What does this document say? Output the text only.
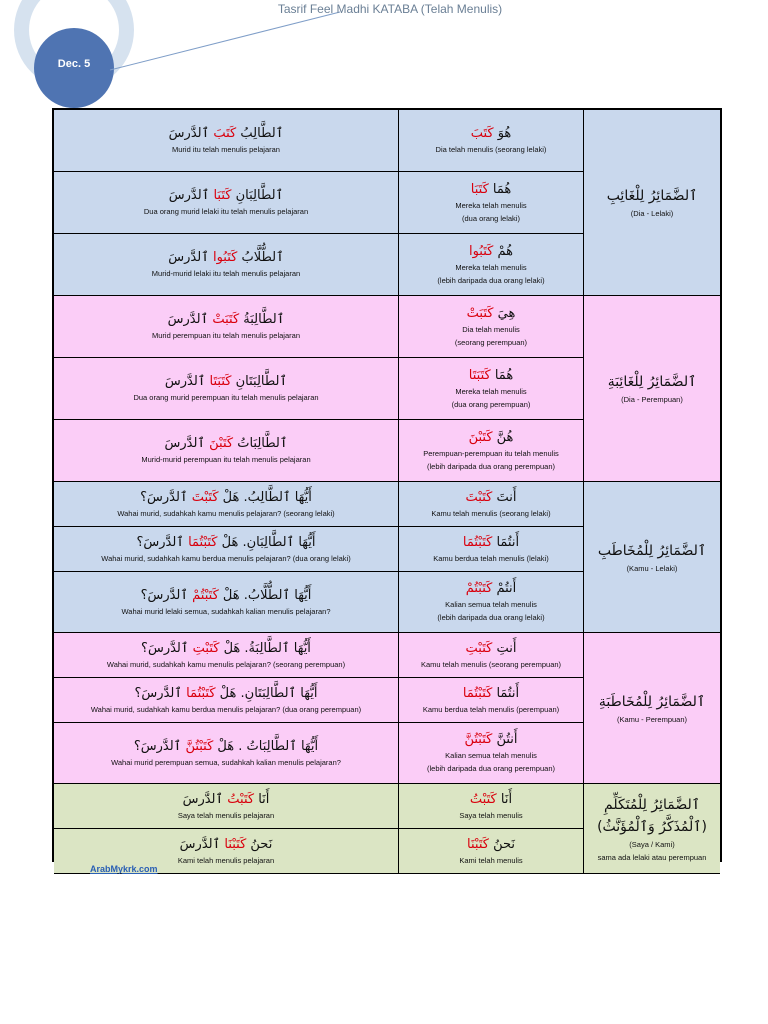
Dec. 5
Tasrif Feel Madhi KATABA (Telah Menulis)
ٱلطَّالِبُ كَتَبَ ٱلدَّرسَ
Murid itu telah menulis pelajaran
هُوَ كَتَبَ
Dia telah menulis (seorang lelaki)
ٱلطَّالِبَانِ كَتَبَا ٱلدَّرسَ
Dua orang murid lelaki itu telah menulis pelajaran
هُمَا كَتَبَا
Mereka telah menulis
(dua orang lelaki)
ٱلطُّلَّابُ كَتَبُوا ٱلدَّرسَ
Murid-murid lelaki itu telah menulis pelajaran
هُمْ كَتَبُوا
Mereka telah menulis
(lebih daripada dua orang lelaki)
ٱلطَّالِبَةُ كَتَبَتْ ٱلدَّرسَ
Murid perempuan itu telah menulis pelajaran
هِيَ كَتَبَتْ
Dia telah menulis
(seorang perempuan)
ٱلطَّالِبَتَانِ كَتَبَتَا ٱلدَّرسَ
Dua orang murid perempuan itu telah menulis pelajaran
هُمَا كَتَبَتَا
Mereka telah menulis
(dua orang perempuan)
ٱلطَّالِبَاتُ كَتَبْنَ ٱلدَّرسَ
Murid-murid perempuan itu telah menulis pelajaran
هُنَّ كَتَبْنَ
Perempuan-perempuan itu telah menulis
(lebih daripada dua orang perempuan)
أَيُّهَا ٱلطَّالِبُ. هَلْ كَتَبْتَ ٱلدَّرسَ؟
Wahai murid, sudahkah kamu menulis pelajaran? (seorang lelaki)
أَنتَ كَتَبْتَ
Kamu telah menulis (seorang lelaki)
أَيُّهَا ٱلطَّالِبَانِ. هَلْ كَتَبْتُمَا ٱلدَّرسَ؟
Wahai murid, sudahkah kamu berdua menulis pelajaran? (dua orang lelaki)
أَنتُمَا كَتَبْتُمَا
Kamu berdua telah menulis (lelaki)
أَيُّهَا ٱلطُّلَّابُ. هَلْ كَتَبْتُمْ ٱلدَّرسَ؟
Wahai murid lelaki semua, sudahkah kalian menulis pelajaran?
أَنتُمْ كَتَبْتُمْ
Kalian semua telah menulis
(lebih daripada dua orang lelaki)
أَيُّهَا ٱلطَّالِبَةُ. هَلْ كَتَبْتِ ٱلدَّرسَ؟
Wahai murid, sudahkah kamu menulis pelajaran? (seorang perempuan)
أَنتِ كَتَبْتِ
Kamu telah menulis (seorang perempuan)
أَيُّهَا ٱلطَّالِبَتَانِ. هَلْ كَتَبْتُمَا ٱلدَّرسَ؟
Wahai murid, sudahkah kamu berdua menulis pelajaran? (dua orang perempuan)
أَنتُمَا كَتَبْتُمَا
Kamu berdua telah menulis (perempuan)
أَيُّهَا ٱلطَّالِبَاتُ . هَلْ كَتَبْتُنَّ ٱلدَّرسَ؟
Wahai murid perempuan semua, sudahkah kalian menulis pelajaran?
أَنتُنَّ كَتَبْتُنَّ
Kalian semua telah menulis
(lebih daripada dua orang perempuan)
أَنَا كَتَبْتُ ٱلدَّرسَ
Saya telah menulis pelajaran
أَنَا كَتَبْتُ
Saya telah menulis
نَحنُ كَتَبْنَا ٱلدَّرسَ
Kami telah menulis pelajaran
نَحنُ كَتَبْنَا
Kami telah menulis
ٱلضَّمَائِرُ لِلْغَائِبِ
(Dia - Lelaki)
ٱلضَّمَائِرُ لِلْغَائِبَةِ
(Dia - Perempuan)
ٱلضَّمَائِرُ لِلْمُخَاطَبِ
(Kamu - Lelaki)
ٱلضَّمَائِرُ لِلْمُخَاطَبَةِ
(Kamu - Perempuan)
ٱلضَّمَائِرُ لِلْمُتَكَلِّمِ
(ٱلْمُذَكَّرُ وَٱلْمُؤَنَّثُ)
(Saya / Kami)
sama ada lelaki atau perempuan
ArabMykrk.com
